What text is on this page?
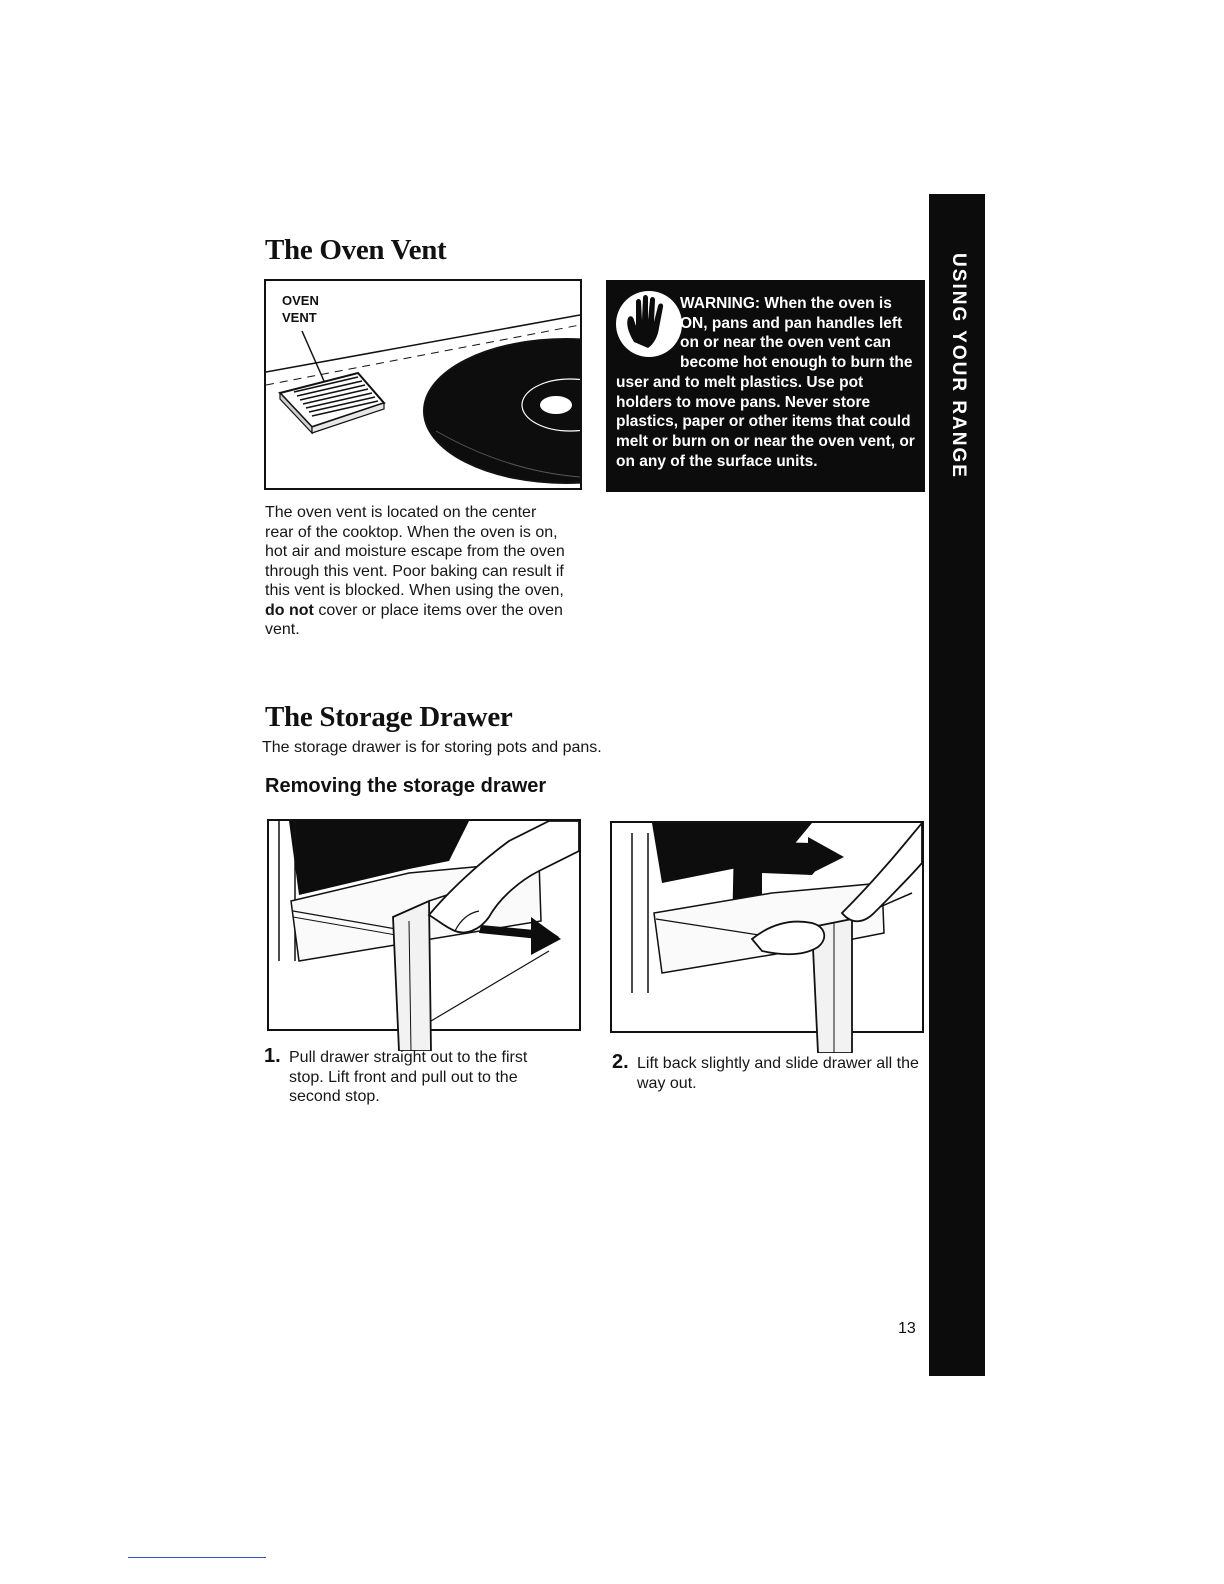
USING YOUR RANGE
The Oven Vent
OVEN
VENT

The oven vent is located on the center rear of the cooktop. When the oven is on, hot air and moisture escape from the oven through this vent. Poor baking can result if this vent is blocked. When using the oven, do not cover or place items over the oven vent.

WARNING: When the oven is ON, pans and pan handles left on or near the oven vent can become hot enough to burn the user and to melt plastics. Use pot holders to move pans. Never store plastics, paper or other items that could melt or burn on or near the oven vent, or on any of the surface units.

The Storage Drawer

The storage drawer is for storing pots and pans.

Removing the storage drawer
1. Pull drawer straight out to the first stop. Lift front and pull out to the second stop.

2. Lift back slightly and slide drawer all the way out.

13
